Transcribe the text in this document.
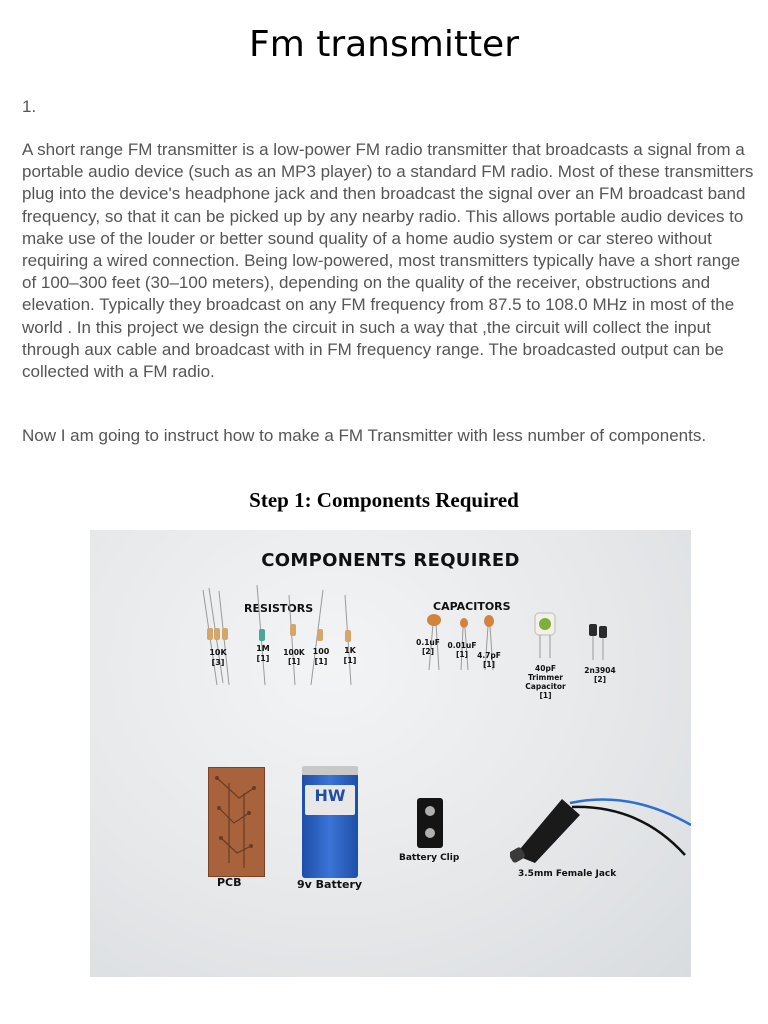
Fm transmitter
1.

A short range FM transmitter is a low-power FM radio transmitter that broadcasts a signal from a portable audio device (such as an MP3 player) to a standard FM radio. Most of these transmitters plug into the device's headphone jack and then broadcast the signal over an FM broadcast band frequency, so that it can be picked up by any nearby radio. This allows portable audio devices to make use of the louder or better sound quality of a home audio system or car stereo without requiring a wired connection. Being low-powered, most transmitters typically have a short range of 100–300 feet (30–100 meters), depending on the quality of the receiver, obstructions and elevation. Typically they broadcast on any FM frequency from 87.5 to 108.0 MHz in most of the world . In this project we design the circuit in such a way that ,the circuit will collect the input through aux cable and broadcast with in FM frequency range. The broadcasted output can be collected with a FM radio.

Now I am going to instruct how to make a FM Transmitter with less number of components.

Step 1: Components Required
COMPONENTS REQUIRED
RESISTORS	CAPACITORS
10K
[3]
1M
[1]
100K
[1]
100
[1]
1K
[1]
0.1uF
[2]
0.01uF
[1]	4.7pF
[1]	40pF
Trimmer
Capacitor
[1]
2n3904
[2]
PCB
HW
9v Battery
Battery Clip
3.5mm Female Jack
